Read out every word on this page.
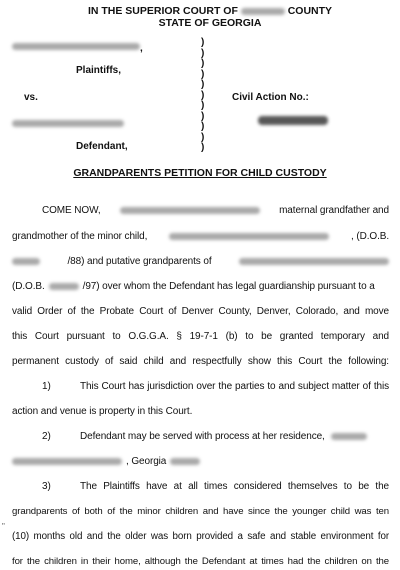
IN THE SUPERIOR COURT OF	COUNTY
STATE OF GEORGIA
,
Plaintiffs,
vs.
Defendant,
)
)
)
)
)
)
)
)
)
)
)
Civil Action No.:
GRANDPARENTS PETITION FOR CHILD CUSTODY
COME NOW,	maternal grandfather and
grandmother of the minor child,	, (D.O.B.
/88) and putative grandparents of
(D.O.B.	/97) over whom the Defendant has legal guardianship pursuant to a
valid Order of the Probate Court of Denver County, Denver, Colorado, and move
this Court pursuant to O.G.G.A. § 19-7-1 (b) to be granted temporary and
permanent custody of said child and respectfully show this Court the following:
1)	This Court has jurisdiction over the parties to and subject matter of this
action and venue is property in this Court.
2)	Defendant may be served with process at her residence,
, Georgia
3)	The Plaintiffs have at all times considered themselves to be the
grandparents of both of the minor children and have since the younger child was ten
"
(10) months old and the older was born provided a safe and stable environment for
for the children in their home, although the Defendant at times had the children on the
